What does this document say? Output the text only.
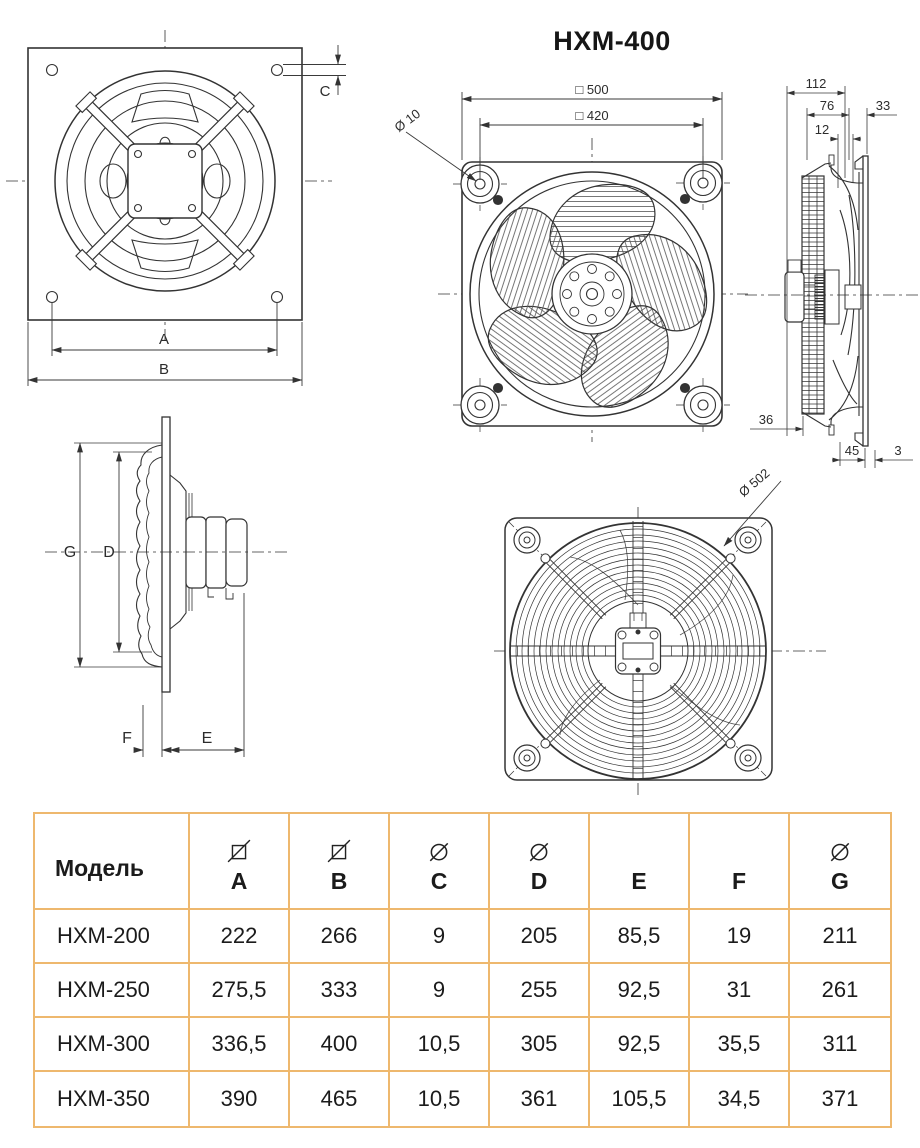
HXM-400
A
B
C	□ 500
□ 420
Ø 10
112
76	33
12
36
45	3
G D
F	E
Ø 502
Модель	A	B	C	D	E	F	G
HXM-200	222	266	9	205	85,5	19	211
HXM-250	275,5	333	9	255	92,5	31	261
HXM-300	336,5	400	10,5	305	92,5	35,5	311
HXM-350	390	465	10,5	361	105,5	34,5	371
